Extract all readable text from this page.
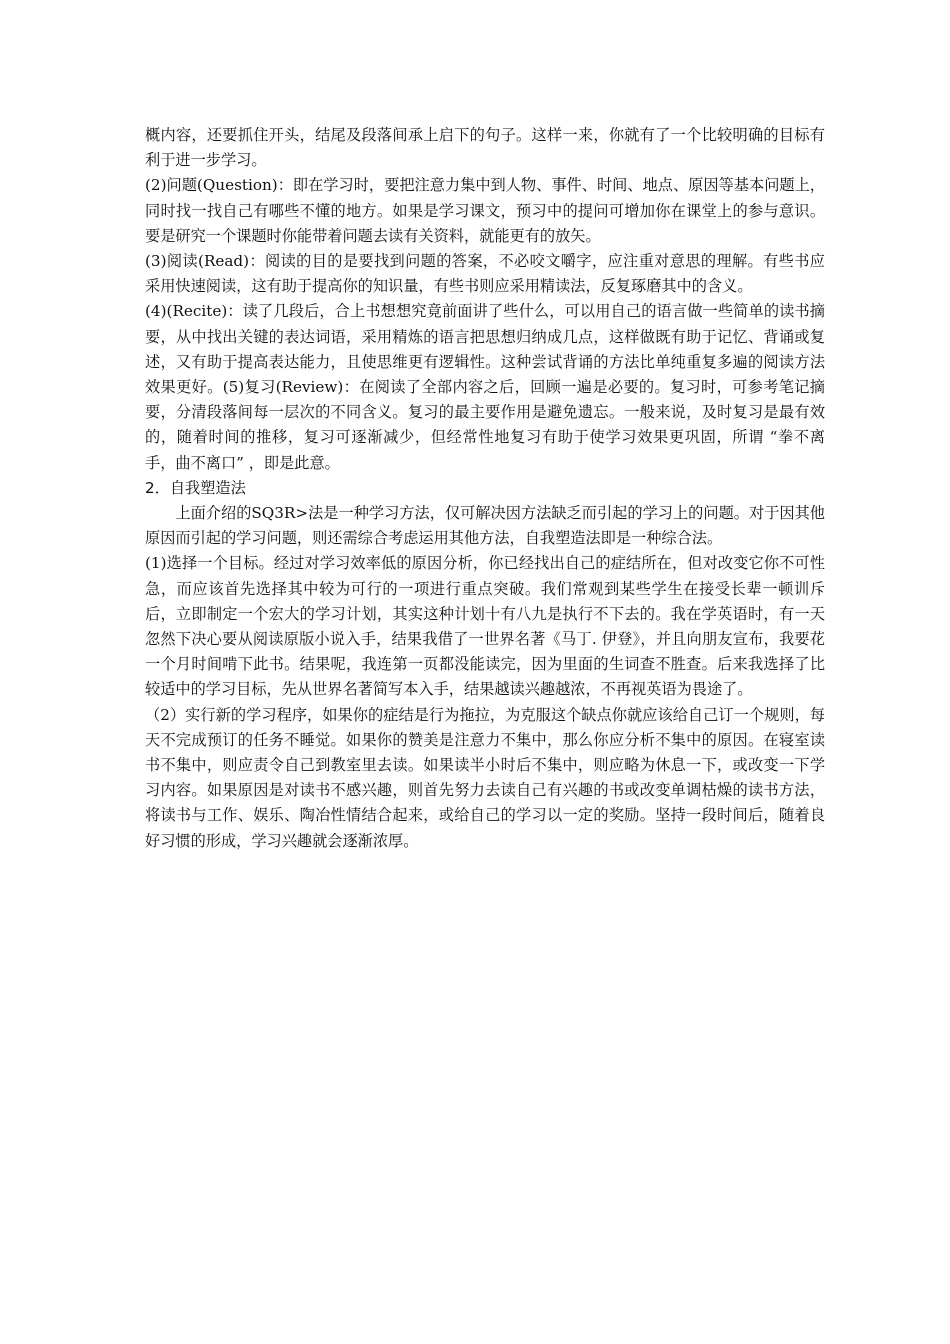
概内容，还要抓住开头，结尾及段落间承上启下的句子。这样一来，你就有了一个比较明确的目标有利于进一步学习。

(2)问题(Question)：即在学习时，要把注意力集中到人物、事件、时间、地点、原因等基本问题上，同时找一找自己有哪些不懂的地方。如果是学习课文，预习中的提问可增加你在课堂上的参与意识。要是研究一个课题时你能带着问题去读有关资料，就能更有的放矢。

(3)阅读(Read)：阅读的目的是要找到问题的答案，不必咬文嚼字，应注重对意思的理解。有些书应采用快速阅读，这有助于提高你的知识量，有些书则应采用精读法，反复琢磨其中的含义。

(4)(Recite)：读了几段后，合上书想想究竟前面讲了些什么，可以用自己的语言做一些简单的读书摘要，从中找出关键的表达词语，采用精炼的语言把思想归纳成几点，这样做既有助于记忆、背诵或复述，又有助于提高表达能力，且使思维更有逻辑性。这种尝试背诵的方法比单纯重复多遍的阅读方法效果更好。(5)复习(Review)：在阅读了全部内容之后，回顾一遍是必要的。复习时，可参考笔记摘要，分清段落间每一层次的不同含义。复习的最主要作用是避免遗忘。一般来说，及时复习是最有效的，随着时间的推移，复习可逐渐减少，但经常性地复习有助于使学习效果更巩固，所谓 “拳不离手，曲不离口” ，即是此意。

2．自我塑造法

上面介绍的SQ3R>法是一种学习方法，仅可解决因方法缺乏而引起的学习上的问题。对于因其他原因而引起的学习问题，则还需综合考虑运用其他方法，自我塑造法即是一种综合法。

(1)选择一个目标。经过对学习效率低的原因分析，你已经找出自己的症结所在，但对改变它你不可性急，而应该首先选择其中较为可行的一项进行重点突破。我们常观到某些学生在接受长辈一顿训斥后，立即制定一个宏大的学习计划，其实这种计划十有八九是执行不下去的。我在学英语时，有一天忽然下决心要从阅读原版小说入手，结果我借了一世界名著《马丁. 伊登》，并且向朋友宣布，我要花一个月时间啃下此书。结果呢，我连第一页都没能读完，因为里面的生词查不胜查。后来我选择了比较适中的学习目标，先从世界名著简写本入手，结果越读兴趣越浓，不再视英语为畏途了。

（2）实行新的学习程序，如果你的症结是行为拖拉，为克服这个缺点你就应该给自己订一个规则，每天不完成预订的任务不睡觉。如果你的赞美是注意力不集中，那么你应分析不集中的原因。在寝室读书不集中，则应责令自己到教室里去读。如果读半小时后不集中，则应略为休息一下，或改变一下学习内容。如果原因是对读书不感兴趣，则首先努力去读自己有兴趣的书或改变单调枯燥的读书方法，将读书与工作、娱乐、陶冶性情结合起来，或给自己的学习以一定的奖励。坚持一段时间后，随着良好习惯的形成，学习兴趣就会逐渐浓厚。
